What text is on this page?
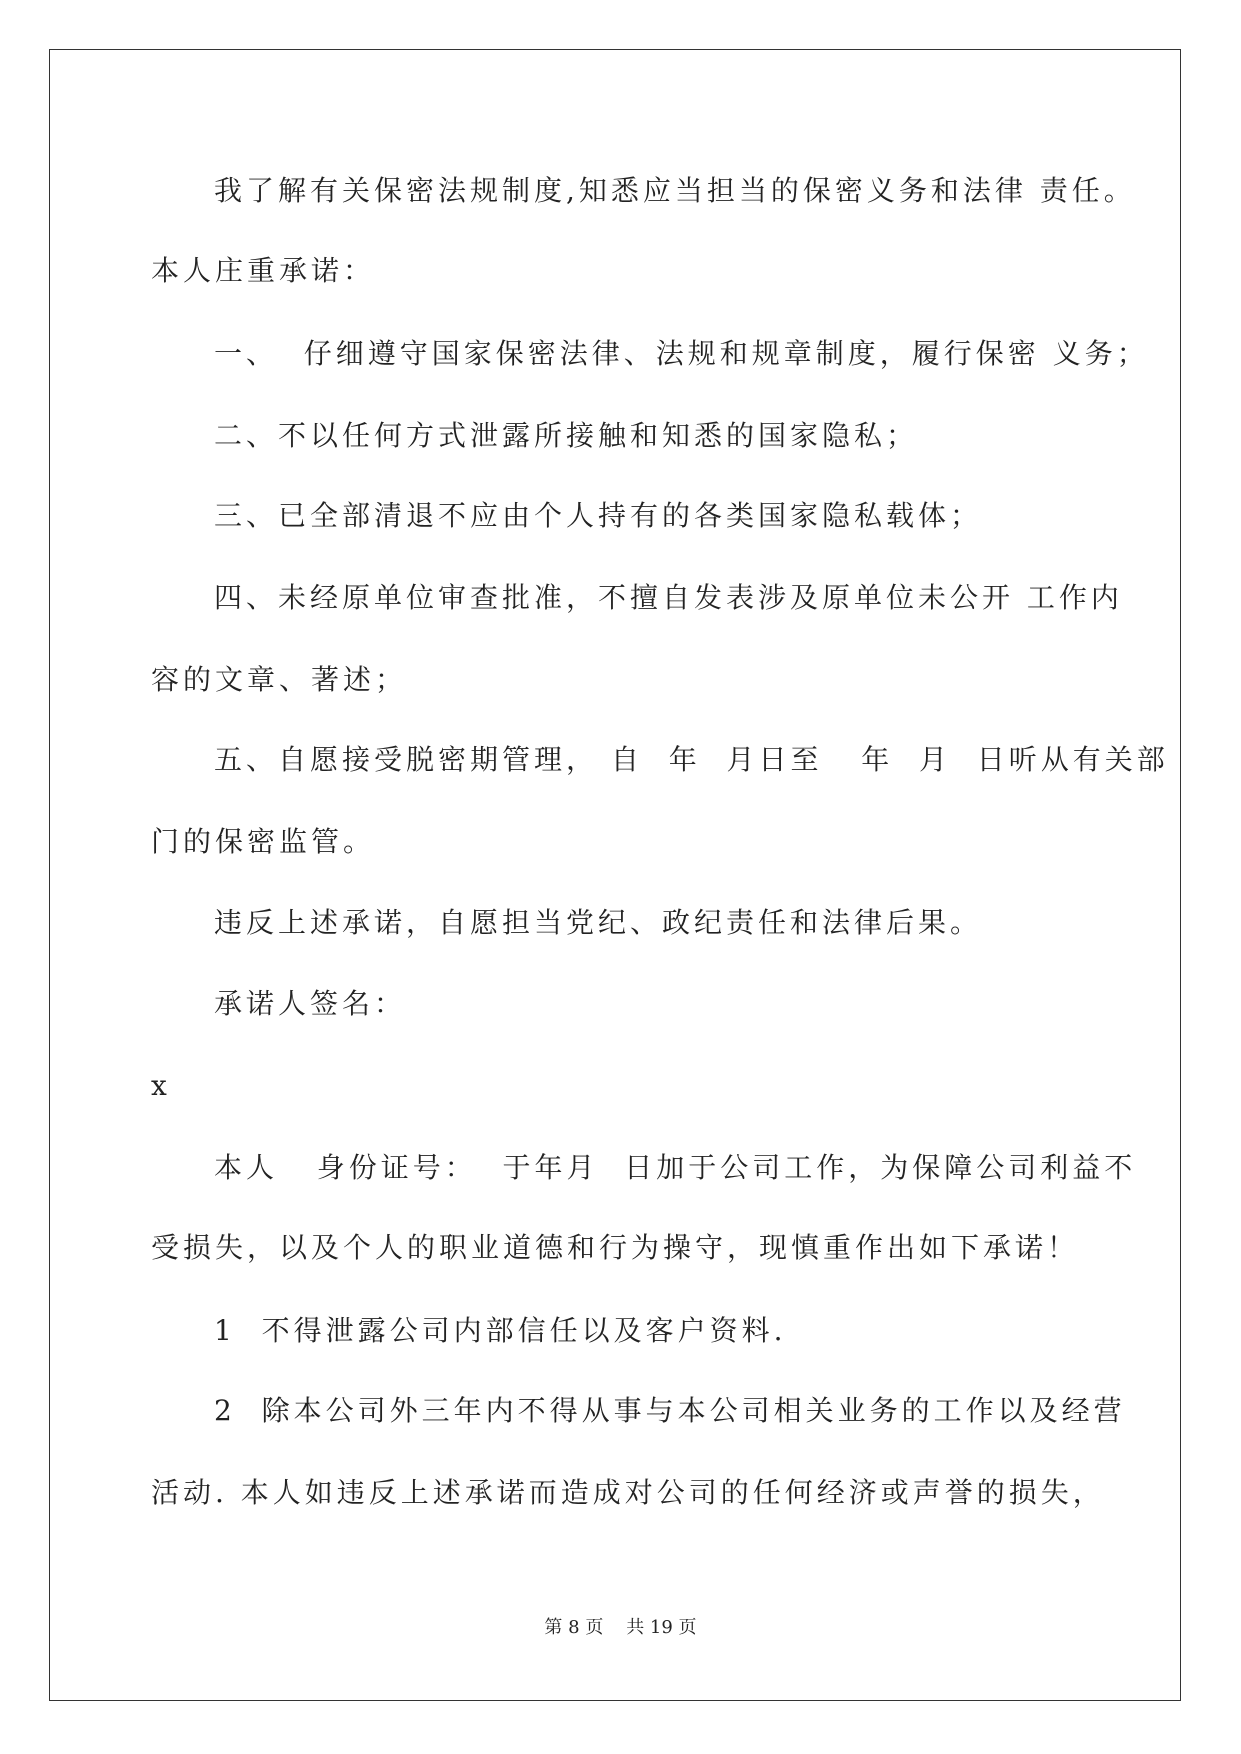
我了解有关保密法规制度,知悉应当担当的保密义务和法律 责任。
本人庄重承诺：
一、  仔细遵守国家保密法律、法规和规章制度，履行保密 义务；
二、不以任何方式泄露所接触和知悉的国家隐私；
三、已全部清退不应由个人持有的各类国家隐私载体；
四、未经原单位审查批准，不擅自发表涉及原单位未公开 工作内
容的文章、著述；
五、自愿接受脱密期管理， 自  年  月日至   年  月  日听从有关部
门的保密监管。
违反上述承诺，自愿担当党纪、政纪责任和法律后果。
承诺人签名：
x
本人   身份证号：  于年月  日加于公司工作，为保障公司利益不
受损失，以及个人的职业道德和行为操守，现慎重作出如下承诺！
1  不得泄露公司内部信任以及客户资料.
2  除本公司外三年内不得从事与本公司相关业务的工作以及经营
活动. 本人如违反上述承诺而造成对公司的任何经济或声誉的损失，
第 8 页    共 19 页
